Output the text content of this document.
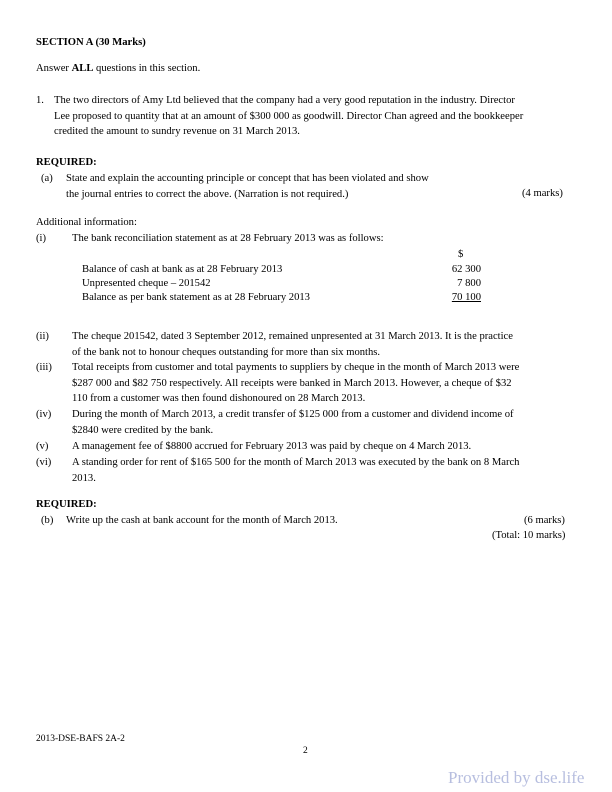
SECTION A (30 Marks)
Answer ALL questions in this section.
1. The two directors of Amy Ltd believed that the company had a very good reputation in the industry. Director
Lee proposed to quantity that at an amount of $300 000 as goodwill. Director Chan agreed and the bookkeeper
credited the amount to sundry revenue on 31 March 2013.
REQUIRED:
(a) State and explain the accounting principle or concept that has been violated and show
the journal entries to correct the above. (Narration is not required.)	(4 marks)
Additional information:
(i) The bank reconciliation statement as at 28 February 2013 was as follows:
$
Balance of cash at bank as at 28 February 2013	62 300
Unpresented cheque – 201542	7 800
Balance as per bank statement as at 28 February 2013	70 100
(ii) The cheque 201542, dated 3 September 2012, remained unpresented at 31 March 2013. It is the practice
of the bank not to honour cheques outstanding for more than six months.
(iii) Total receipts from customer and total payments to suppliers by cheque in the month of March 2013 were
$287 000 and $82 750 respectively. All receipts were banked in March 2013. However, a cheque of $32
110 from a customer was then found dishonoured on 28 March 2013.
(iv) During the month of March 2013, a credit transfer of $125 000 from a customer and dividend income of
$2840 were credited by the bank.
(v) A management fee of $8800 accrued for February 2013 was paid by cheque on 4 March 2013.
(vi) A standing order for rent of $165 500 for the month of March 2013 was executed by the bank on 8 March
2013.
REQUIRED:
(b) Write up the cash at bank account for the month of March 2013.	(6 marks)
(Total: 10 marks)
2013-DSE-BAFS 2A-2
2
Provided by dse.life
